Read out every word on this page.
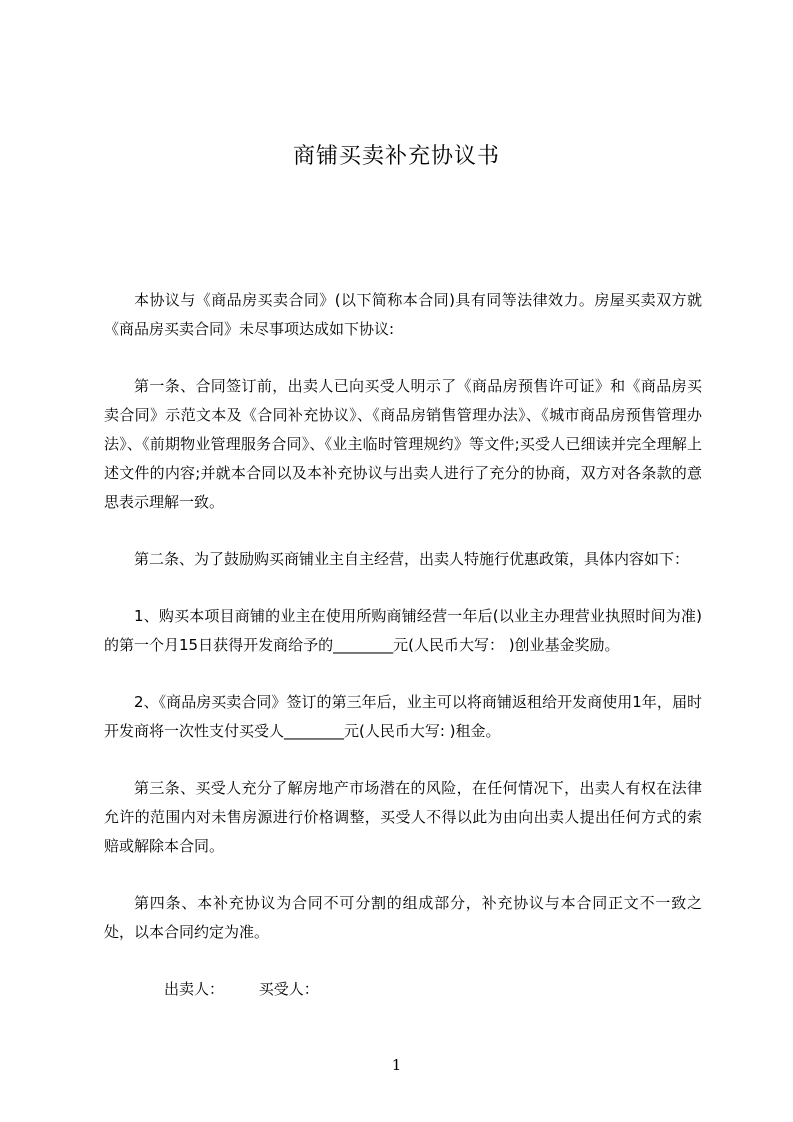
商铺买卖补充协议书

本协议与《商品房买卖合同》(以下简称本合同)具有同等法律效力。房屋买卖双方就《商品房买卖合同》未尽事项达成如下协议:

第一条、合同签订前，出卖人已向买受人明示了《商品房预售许可证》和《商品房买卖合同》示范文本及《合同补充协议》、《商品房销售管理办法》、《城市商品房预售管理办法》、《前期物业管理服务合同》、《业主临时管理规约》等文件;买受人已细读并完全理解上述文件的内容;并就本合同以及本补充协议与出卖人进行了充分的协商，双方对各条款的意思表示理解一致。

第二条、为了鼓励购买商铺业主自主经营，出卖人特施行优惠政策，具体内容如下：

1、购买本项目商铺的业主在使用所购商铺经营一年后(以业主办理营业执照时间为准)的第一个月15日获得开发商给予的________元(人民币大写： )创业基金奖励。

2、《商品房买卖合同》签订的第三年后，业主可以将商铺返租给开发商使用1年，届时开发商将一次性支付买受人________元(人民币大写: )租金。

第三条、买受人充分了解房地产市场潜在的风险，在任何情况下，出卖人有权在法律允许的范围内对未售房源进行价格调整，买受人不得以此为由向出卖人提出任何方式的索赔或解除本合同。

第四条、本补充协议为合同不可分割的组成部分，补充协议与本合同正文不一致之处，以本合同约定为准。

出卖人： 买受人：

1
